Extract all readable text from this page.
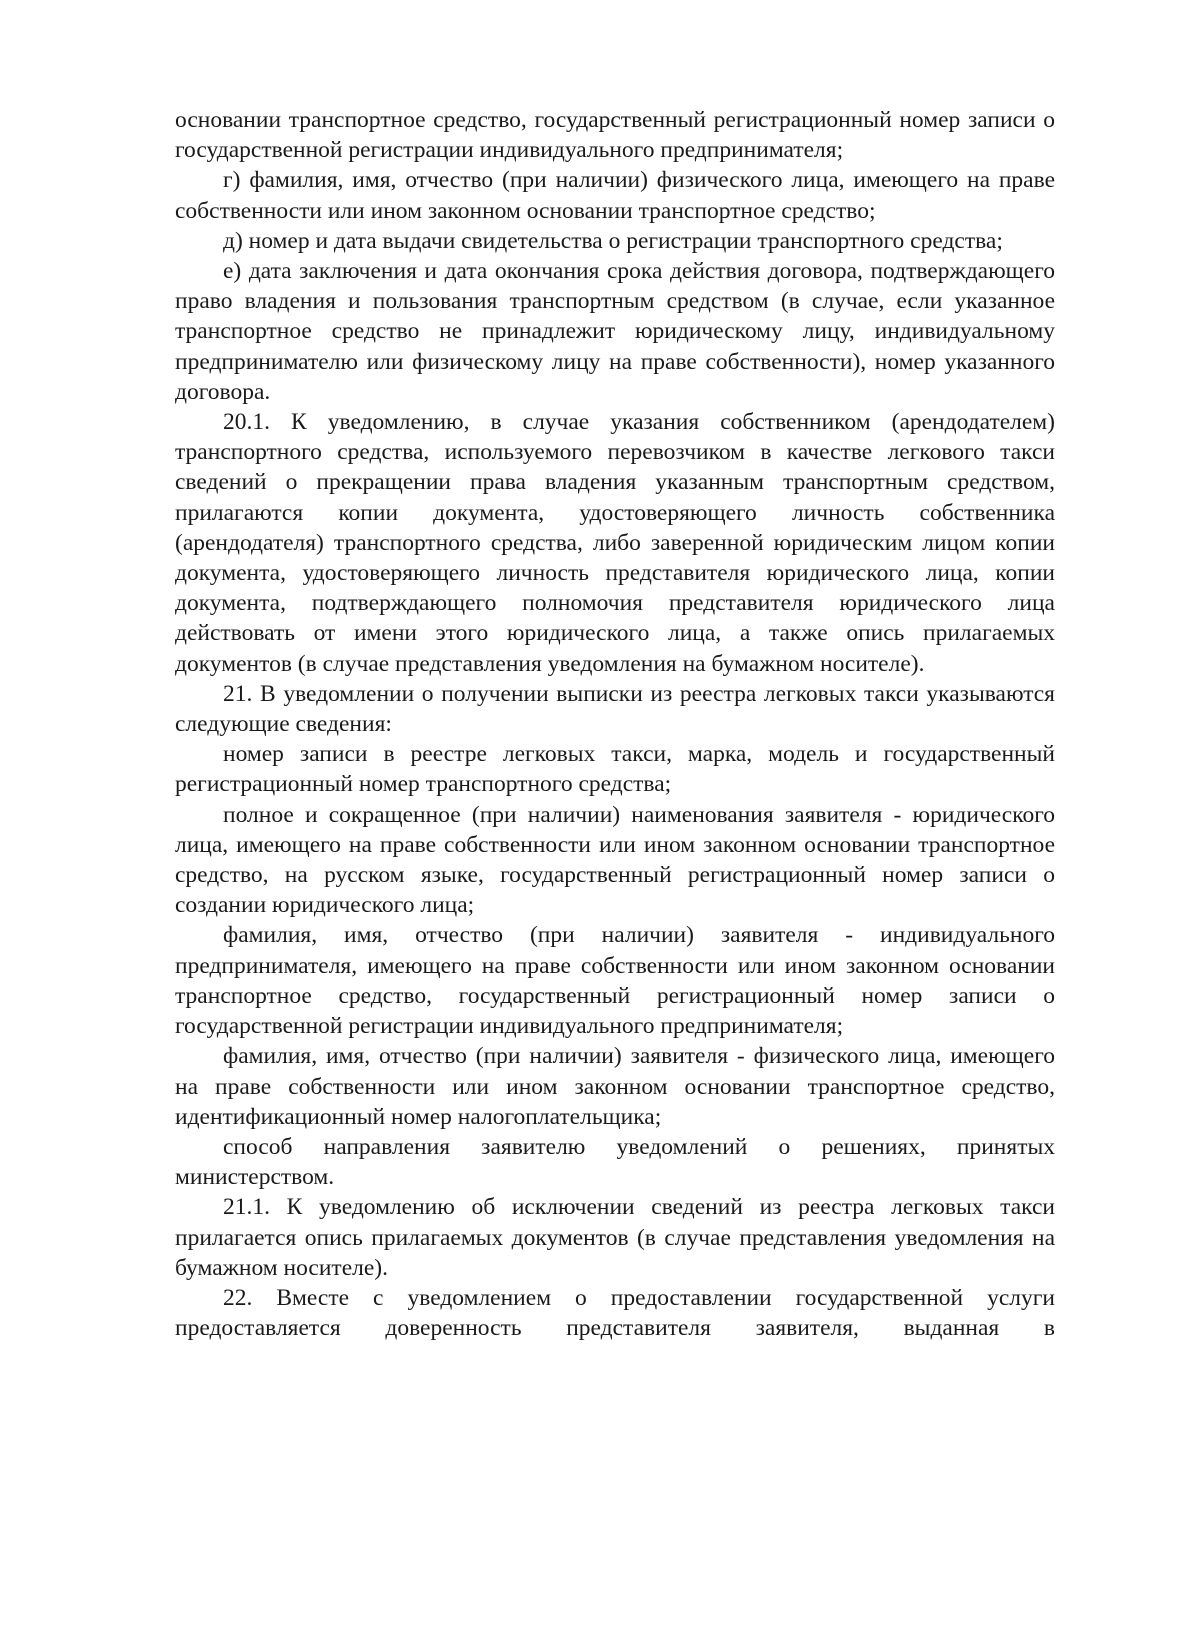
основании транспортное средство, государственный регистрационный номер записи о государственной регистрации индивидуального предпринимателя;

г) фамилия, имя, отчество (при наличии) физического лица, имеющего на праве собственности или ином законном основании транспортное средство;

д) номер и дата выдачи свидетельства о регистрации транспортного средства;

е) дата заключения и дата окончания срока действия договора, подтверждающего право владения и пользования транспортным средством (в случае, если указанное транспортное средство не принадлежит юридическому лицу, индивидуальному предпринимателю или физическому лицу на праве собственности), номер указанного договора.

20.1. К уведомлению, в случае указания собственником (арендодателем) транспортного средства, используемого перевозчиком в качестве легкового такси сведений о прекращении права владения указанным транспортным средством, прилагаются копии документа, удостоверяющего личность собственника (арендодателя) транспортного средства, либо заверенной юридическим лицом копии документа, удостоверяющего личность представителя юридического лица, копии документа, подтверждающего полномочия представителя юридического лица действовать от имени этого юридического лица, а также опись прилагаемых документов (в случае представления уведомления на бумажном носителе).

21. В уведомлении о получении выписки из реестра легковых такси указываются следующие сведения:

номер записи в реестре легковых такси, марка, модель и государственный регистрационный номер транспортного средства;

полное и сокращенное (при наличии) наименования заявителя - юридического лица, имеющего на праве собственности или ином законном основании транспортное средство, на русском языке, государственный регистрационный номер записи о создании юридического лица;

фамилия, имя, отчество (при наличии) заявителя - индивидуального предпринимателя, имеющего на праве собственности или ином законном основании транспортное средство, государственный регистрационный номер записи о государственной регистрации индивидуального предпринимателя;

фамилия, имя, отчество (при наличии) заявителя - физического лица, имеющего на праве собственности или ином законном основании транспортное средство, идентификационный номер налогоплательщика;

способ направления заявителю уведомлений о решениях, принятых министерством.

21.1. К уведомлению об исключении сведений из реестра легковых такси прилагается опись прилагаемых документов (в случае представления уведомления на бумажном носителе).

22. Вместе с уведомлением о предоставлении государственной услуги предоставляется доверенность представителя заявителя, выданная в
